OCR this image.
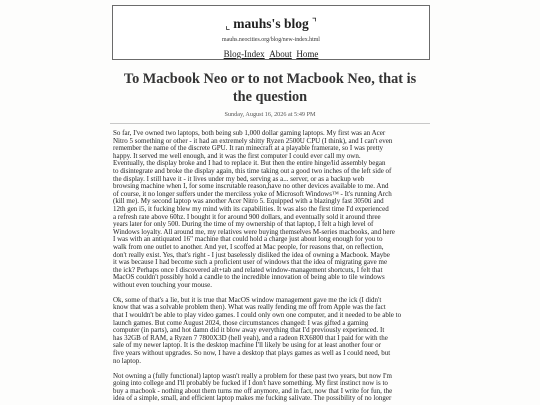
⌞ mauhs's blog ⌝
mauhs.neocities.org/blog/new-index.html
Blog-Index About Home
To Macbook Neo or to not Macbook Neo, that is
the question
Sunday, August 16, 2026 at 5:49 PM

So far, I've owned two laptops, both being sub 1,000 dollar gaming laptops. My first was an Acer
Nitro 5 something or other - it had an extremely shitty Ryzen 2500U CPU (I think), and I can't even
remember the name of the discrete GPU. It ran minecraft at a playable framerate, so I was pretty
happy. It served me well enough, and it was the first computer I could ever call my own.
Eventually, the display broke and I had to replace it. But then the entire hinge/lid assembly began
to disintegrate and broke the display again, this time taking out a good two inches of the left side of
the display. I still have it - it lives under my bed, serving as a... server, or as a backup web
browsing machine when I, for some inscrutable reason,have no other devices available to me. And
of course, it no longer suffers under the merciless yoke of Microsoft Windows™ - It's running Arch
(kill me). My second laptop was another Acer Nitro 5. Equipped with a blazingly fast 3050ti and
12th gen i5, it fucking blew my mind with its capabilities. It was also the first time I'd experienced
a refresh rate above 60hz. I bought it for around 900 dollars, and eventually sold it around three
years later for only 500. During the time of my ownership of that laptop, I felt a high level of
Windows loyalty. All around me, my relatives were buying themselves M-series macbooks, and here
I was with an antiquated 16" machine that could hold a charge just about long enough for you to
walk from one outlet to another. And yet, I scoffed at Mac people, for reasons that, on reflection,
don't really exist. Yes, that's right - I just baselessly disliked the idea of owning a Macbook. Maybe
it was because I had become such a proficient user of windows that the idea of migrating gave me
the ick? Perhaps once I discovered alt+tab and related window-management shortcuts, I felt that
MacOS couldn't possibly hold a candle to the incredible innovation of being able to tile windows
without even touching your mouse.

Ok, some of that's a lie, but it is true that MacOS window management gave me the ick (I didn't
know that was a solvable problem then). What was really fending me off from Apple was the fact
that I wouldn't be able to play video games. I could only own one computer, and it needed to be able to
launch games. But come August 2024, those circumstances changed: I was gifted a gaming
computer (in parts), and hot damn did it blow away everything that I'd previously experienced. It
has 32GB of RAM, a Ryzen 7 7800X3D (hell yeah), and a radeon RX6800 that I paid for with the
sale of my newer laptop. It is the desktop machine I'll likely be using for at least another four or
five years without upgrades. So now, I have a desktop that plays games as well as I could need, but
no laptop.

Not owning a (fully functional) laptop wasn't really a problem for these past two years, but now I'm
going into college and I'll probably be fucked if I don't have something. My first instinct now is to
buy a macbook - nothing about them turns me off anymore, and in fact, now that I write for fun, the
idea of a simple, small, and efficient laptop makes me fucking salivate. The possibility of no longer
